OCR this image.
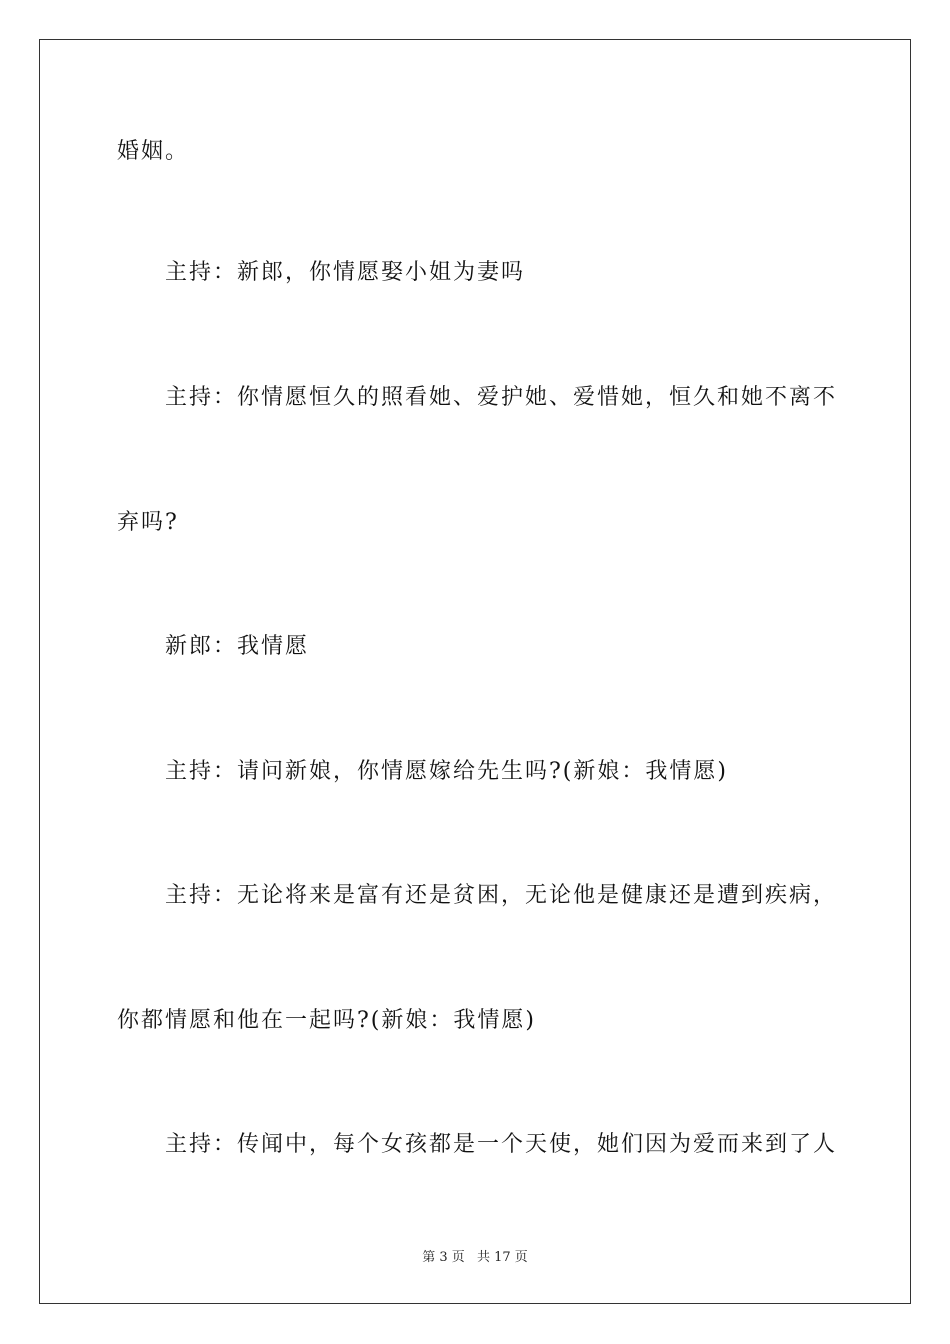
婚姻。
主持：新郎，你情愿娶小姐为妻吗
主持：你情愿恒久的照看她、爱护她、爱惜她，恒久和她不离不
弃吗?
新郎：我情愿
主持：请问新娘，你情愿嫁给先生吗?(新娘：我情愿)
主持：无论将来是富有还是贫困，无论他是健康还是遭到疾病，
你都情愿和他在一起吗?(新娘：我情愿)
主持：传闻中，每个女孩都是一个天使，她们因为爱而来到了人
第 3 页 共 17 页
